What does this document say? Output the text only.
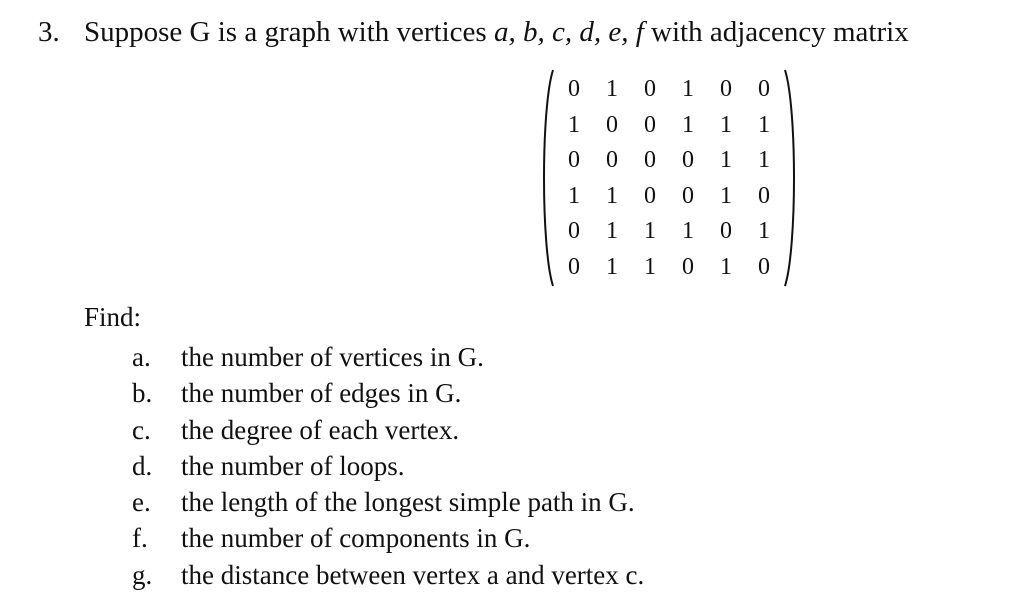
3. Suppose G is a graph with vertices a, b, c, d, e, f with adjacency matrix
0	1	0	1	0	0
1	0	0	1	1	1
0	0	0	0	1	1
1	1	0	0	1	0
0	1	1	1	0	1
0	1	1	0	1	0
Find:
a. the number of vertices in G.
b. the number of edges in G.
c. the degree of each vertex.
d. the number of loops.
e. the length of the longest simple path in G.
f. the number of components in G.
g. the distance between vertex a and vertex c.
